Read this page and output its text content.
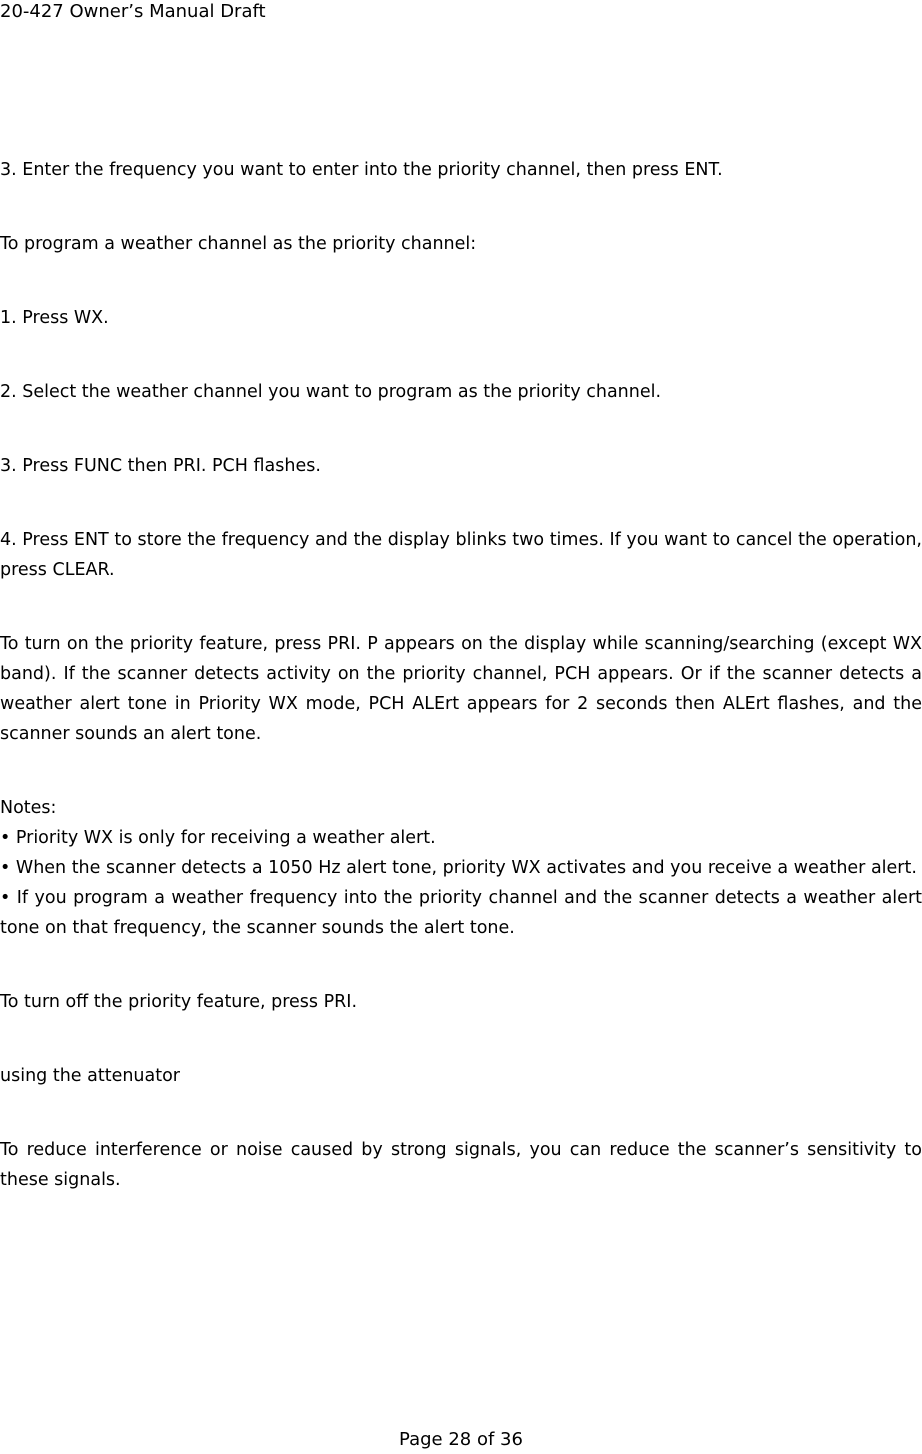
20-427 Owner’s Manual Draft

3. Enter the frequency you want to enter into the priority channel, then press ENT.

To program a weather channel as the priority channel:

1. Press WX.

2. Select the weather channel you want to program as the priority channel.

3. Press FUNC then PRI. PCH flashes.

4. Press ENT to store the frequency and the display blinks two times. If you want to cancel the operation, press CLEAR.

To turn on the priority feature, press PRI. P appears on the display while scanning/searching (except WX band). If the scanner detects activity on the priority channel, PCH appears. Or if the scanner detects a weather alert tone in Priority WX mode, PCH ALErt appears for 2 seconds then ALErt flashes, and the scanner sounds an alert tone.

Notes:

• Priority WX is only for receiving a weather alert.

• When the scanner detects a 1050 Hz alert tone, priority WX activates and you receive a weather alert.

• If you program a weather frequency into the priority channel and the scanner detects a weather alert tone on that frequency, the scanner sounds the alert tone.

To turn off the priority feature, press PRI.

using the attenuator

To reduce interference or noise caused by strong signals, you can reduce the scanner’s sensitivity to these signals.

Page 28 of 36
